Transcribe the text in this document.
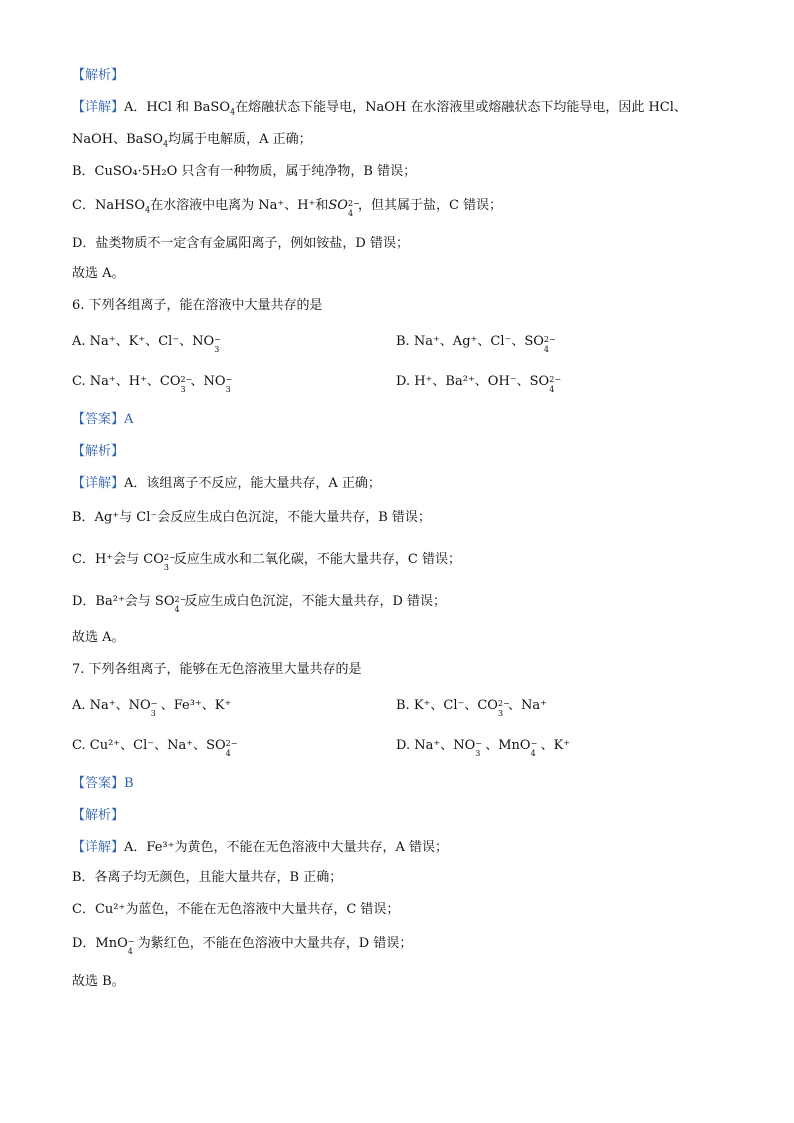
【解析】
【详解】A．HCl 和 BaSO$_4$在熔融状态下能导电，NaOH 在水溶液里或熔融状态下均能导电，因此 HCl、
NaOH、BaSO$_4$均属于电解质，A 正确；
B．CuSO₄·5H₂O 只含有一种物质，属于纯净物，B 错误；
C．NaHSO$_4$在水溶液中电离为 Na⁺、H⁺和SO 2−
4
，但其属于盐，C 错误；
D．盐类物质不一定含有金属阳离子，例如铵盐，D 错误；
故选 A。
6. 下列各组离子，能在溶液中大量共存的是
A. Na⁺、K⁺、Cl⁻、NO −
3
B. Na⁺、Ag⁺、Cl⁻、SO 2−
4
C. Na⁺、H⁺、CO 2−
3
、NO −
3
D. H⁺、Ba²⁺、OH⁻、SO 2−
4
【答案】A
【解析】
【详解】A．该组离子不反应，能大量共存，A 正确；
B．Ag⁺与 Cl⁻会反应生成白色沉淀，不能大量共存，B 错误；
C．H⁺会与 CO 2−
3
反应生成水和二氧化碳，不能大量共存，C 错误；
D．Ba²⁺会与 SO 2−
4
反应生成白色沉淀，不能大量共存，D 错误；
故选 A。
7. 下列各组离子，能够在无色溶液里大量共存的是
A. Na⁺、NO −
3
、Fe³⁺、K⁺	B. K⁺、Cl⁻、CO 2−
3
、Na⁺
C. Cu²⁺、Cl⁻、Na⁺、SO 2−
4
D. Na⁺、NO −
3
、MnO −
4
、K⁺
【答案】B
【解析】
【详解】A．Fe³⁺为黄色，不能在无色溶液中大量共存，A 错误；
B．各离子均无颜色，且能大量共存，B 正确；
C．Cu²⁺为蓝色，不能在无色溶液中大量共存，C 错误；
D．MnO −
4
为紫红色，不能在色溶液中大量共存，D 错误；
故选 B。
